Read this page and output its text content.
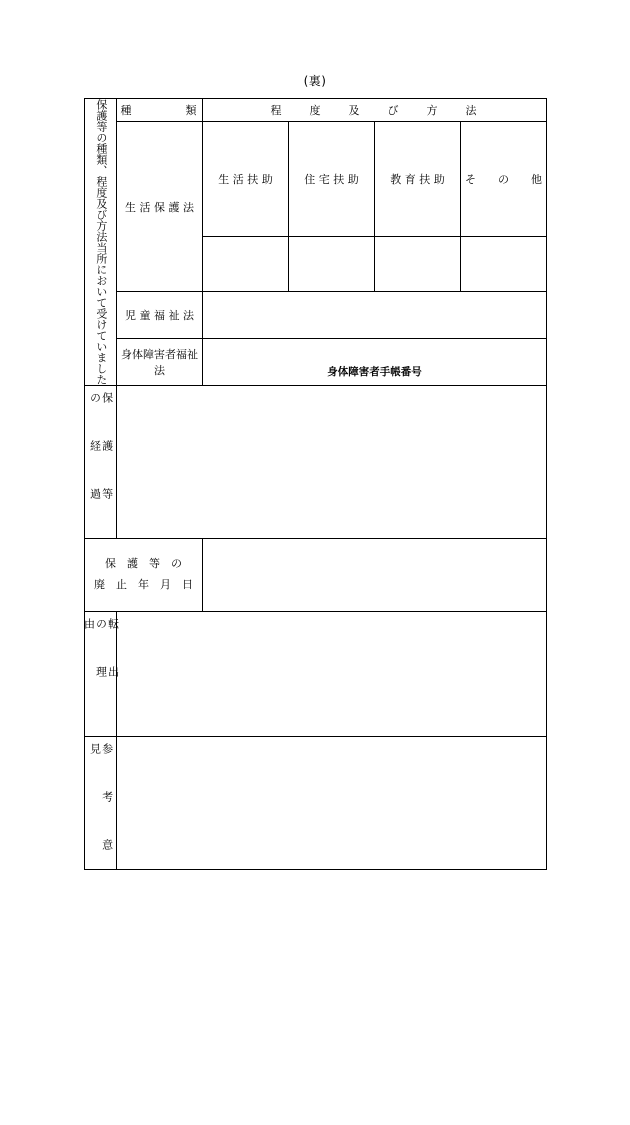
(裏)
保護等の種類、程度及び方法当所において受けていました	種　　　　類	程　　度　　及　　び　　方　　法			

	生 活 保 護 法	生 活 扶 助	住 宅 扶 助	教 育 扶 助	そ　　の　　他

	児 童 福 祉 法				

	身体障害者福祉法	身体障害者手帳番号			

保 護 等 の 経 過					

保　護　等　の
廃　止　年　月　日					

転 出 の 理 由					

参 考 意 見					
